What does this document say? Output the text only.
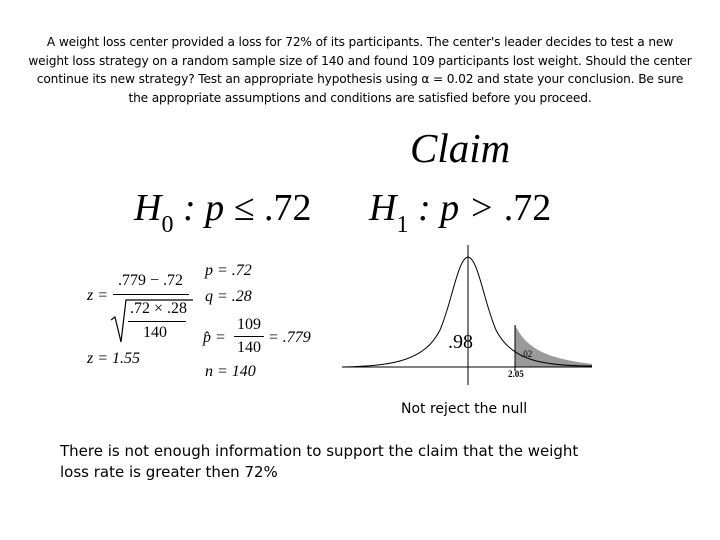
A weight loss center provided a loss for 72% of its participants. The center's leader decides to test a new weight loss strategy on a random sample size of 140 and found 109 participants lost weight. Should the center continue its new strategy? Test an appropriate hypothesis using α = 0.02 and state your conclusion. Be sure the appropriate assumptions and conditions are satisfied before you proceed.
Claim
$H_0$ : p ≤ .72 $H_1$ : p > .72
z =
.779 − .72
.72 × .28
140
z = 1.55
p = .72
q = .28
p̂ =
109
140
= .779
n = 140
.98
.02
2.05
Not reject the null
There is not enough information to support the claim that the weight loss rate is greater then 72%
